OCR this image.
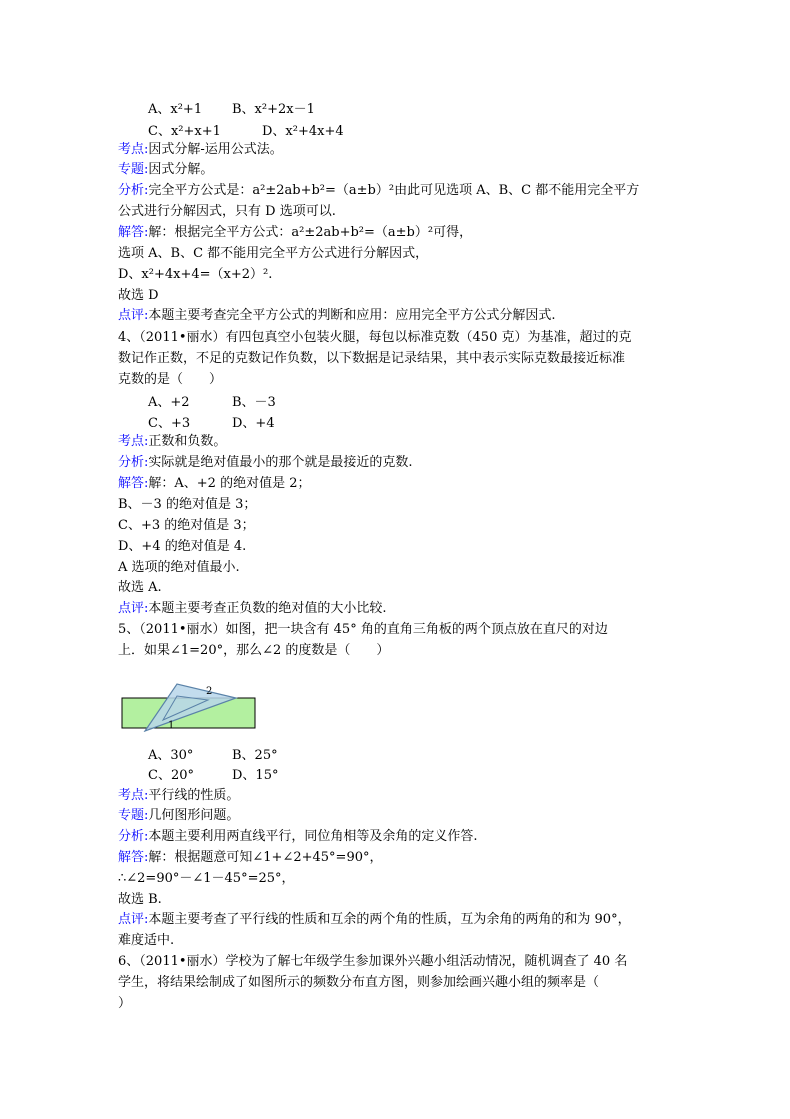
A、x²+1 B、x²+2x－1
C、x²+x+1	D、x²+4x+4
考点:因式分解-运用公式法。
专题:因式分解。
分析:完全平方公式是：a²±2ab+b²=（a±b）²由此可见选项 A、B、C 都不能用完全平方
公式进行分解因式，只有 D 选项可以.
解答:解：根据完全平方公式：a²±2ab+b²=（a±b）²可得，
选项 A、B、C 都不能用完全平方公式进行分解因式，
D、x²+4x+4=（x+2）².
故选 D
点评:本题主要考查完全平方公式的判断和应用：应用完全平方公式分解因式.
4、（2011•丽水）有四包真空小包装火腿，每包以标准克数（450 克）为基准，超过的克
数记作正数，不足的克数记作负数，以下数据是记录结果，其中表示实际克数最接近标准
克数的是（　　）
A、+2	B、－3
C、+3	D、+4
考点:正数和负数。
分析:实际就是绝对值最小的那个就是最接近的克数.
解答:解：A、+2 的绝对值是 2；
B、－3 的绝对值是 3；
C、+3 的绝对值是 3；
D、+4 的绝对值是 4.
A 选项的绝对值最小.
故选 A.
点评:本题主要考查正负数的绝对值的大小比较.
5、（2011•丽水）如图，把一块含有 45° 角的直角三角板的两个顶点放在直尺的对边
上．如果∠1=20°，那么∠2 的度数是（　　）
2
1
A、30°	B、25°
C、20°	D、15°
考点:平行线的性质。
专题:几何图形问题。
分析:本题主要利用两直线平行，同位角相等及余角的定义作答.
解答:解：根据题意可知∠1+∠2+45°=90°，
∴∠2=90°－∠1－45°=25°，
故选 B.
点评:本题主要考查了平行线的性质和互余的两个角的性质，互为余角的两角的和为 90°，
难度适中.
6、（2011•丽水）学校为了解七年级学生参加课外兴趣小组活动情况，随机调查了 40 名
学生，将结果绘制成了如图所示的频数分布直方图，则参加绘画兴趣小组的频率是（
）
